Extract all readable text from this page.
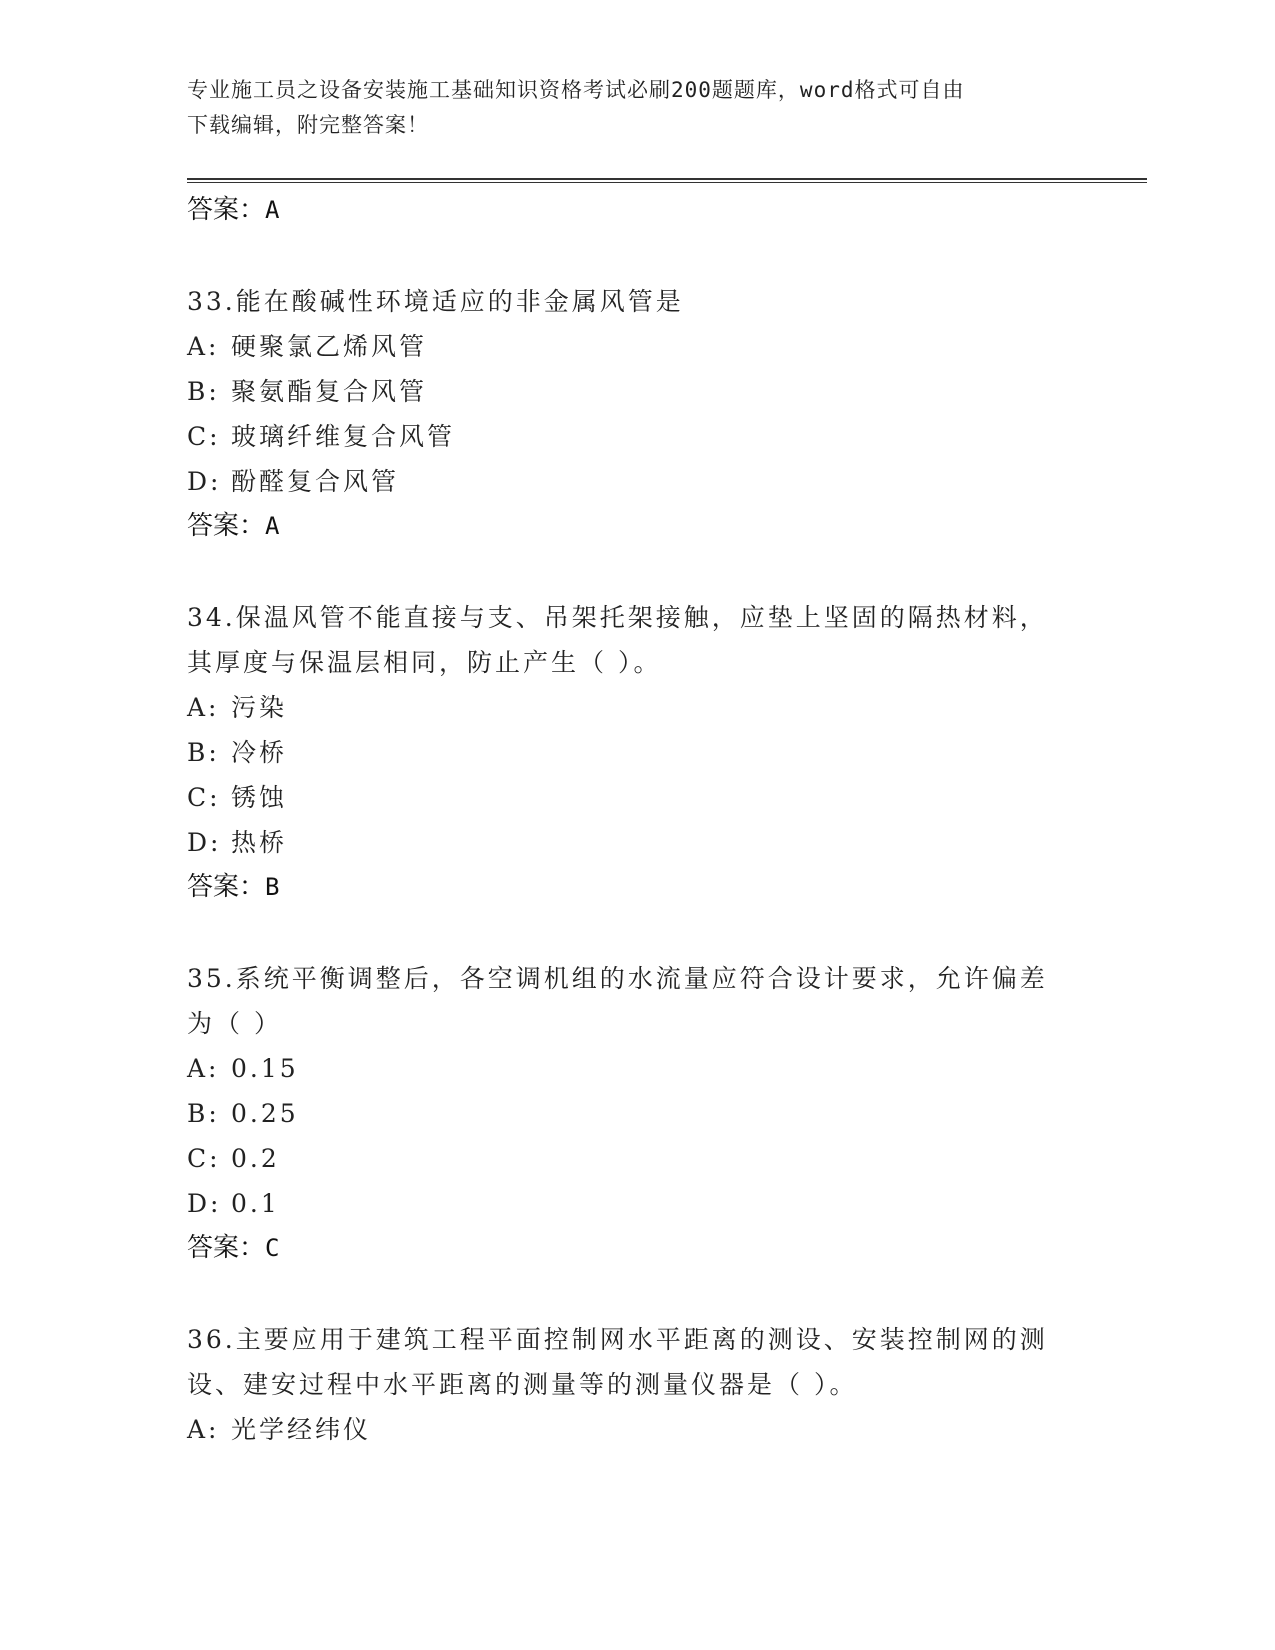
专业施工员之设备安装施工基础知识资格考试必刷200题题库，word格式可自由
下载编辑，附完整答案！
答案：A
33.能在酸碱性环境适应的非金属风管是
A: 硬聚氯乙烯风管
B: 聚氨酯复合风管
C: 玻璃纤维复合风管
D: 酚醛复合风管
答案：A
34.保温风管不能直接与支、吊架托架接触，应垫上坚固的隔热材料，
其厚度与保温层相同，防止产生（ ）。
A: 污染
B: 冷桥
C: 锈蚀
D: 热桥
答案：B
35.系统平衡调整后，各空调机组的水流量应符合设计要求，允许偏差
为（ ）
A: 0.15
B: 0.25
C: 0.2
D: 0.1
答案：C
36.主要应用于建筑工程平面控制网水平距离的测设、安装控制网的测
设、建安过程中水平距离的测量等的测量仪器是（ ）。
A: 光学经纬仪
